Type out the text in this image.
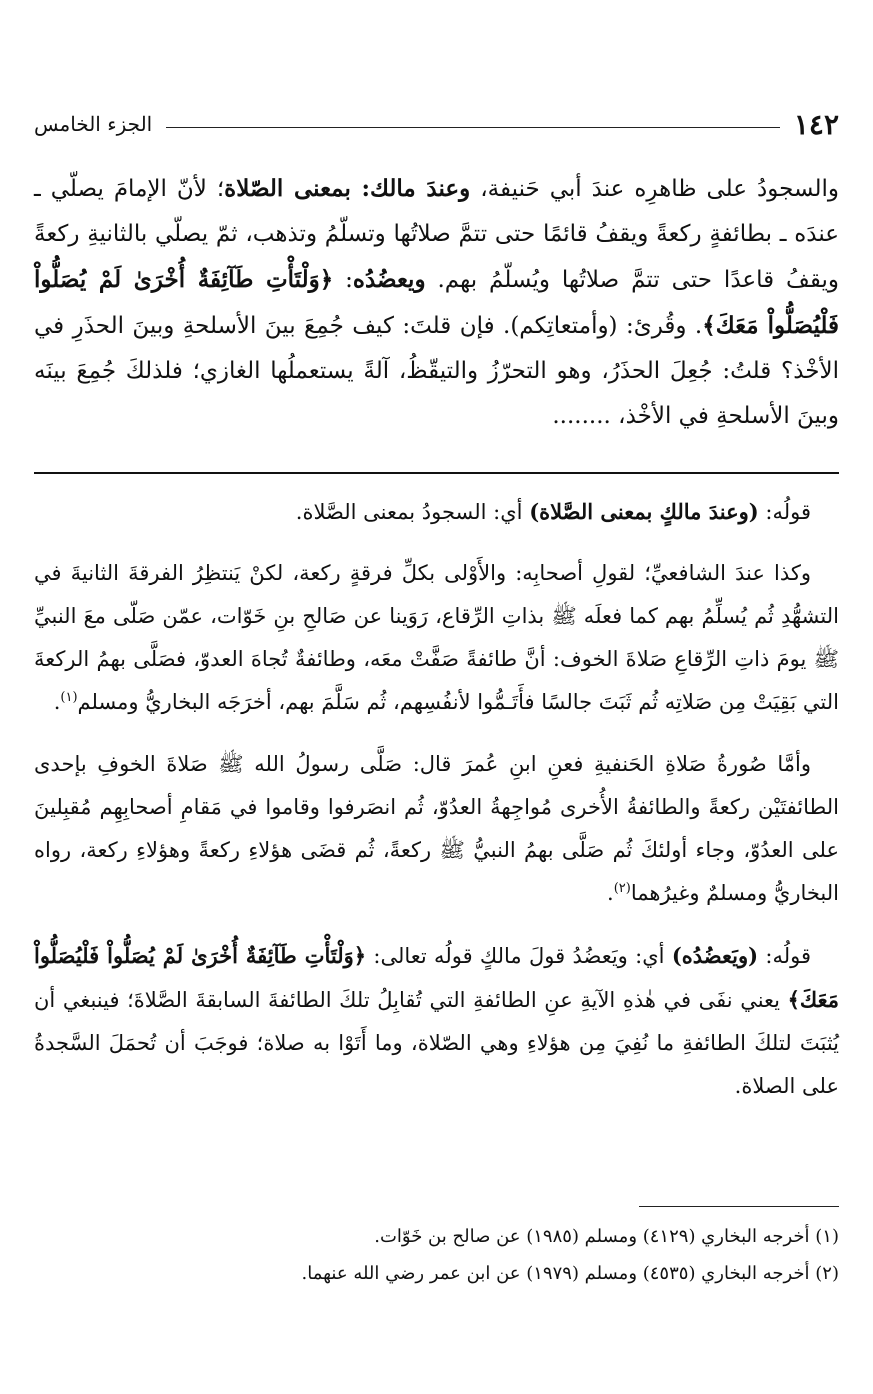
١٤٢
الجزء الخامس

والسجودُ على ظاهرِه عندَ أبي حَنيفة، وعندَ مالك: بمعنى الصّلاة؛ لأنّ الإمامَ يصلّي ـ عندَه ـ بطائفةٍ ركعةً ويقفُ قائمًا حتى تتمَّ صلاتُها وتسلّمُ وتذهب، ثمّ يصلّي بالثانيةِ ركعةً ويقفُ قاعدًا حتى تتمَّ صلاتُها ويُسلّمُ بهم. ويعضُدُه: ﴿وَلْتَأْتِ طَآئِفَةٌ أُخْرَىٰ لَمْ يُصَلُّواْ فَلْيُصَلُّواْ مَعَكَ﴾. وقُرئ: (وأمتعاتِكم). فإن قلتَ: كيف جُمِعَ بينَ الأسلحةِ وبينَ الحذَرِ في الأخْذ؟ قلتُ: جُعِلَ الحذَرُ، وهو التحرّزُ والتيقّظُ، آلةً يستعملُها الغازي؛ فلذلكَ جُمِعَ بينَه وبينَ الأسلحةِ في الأخْذ، ........

قولُه: (وعندَ مالكٍ بمعنى الصَّلاة) أي: السجودُ بمعنى الصَّلاة.

وكذا عندَ الشافعيِّ؛ لقولِ أصحابِه: والأَوْلى بكلِّ فرقةٍ ركعة، لكنْ يَنتظِرُ الفرقةَ الثانيةَ في التشهُّدِ ثُم يُسلِّمُ بهم كما فعلَه ﷺ بذاتِ الرِّقاع، رَوَينا عن صَالحِ بنِ خَوّات، عمّن صَلّى معَ النبيِّ ﷺ يومَ ذاتِ الرِّقاعِ صَلاةَ الخوف: أنَّ طائفةً صَفَّتْ معَه، وطائفةٌ تُجاهَ العدوّ، فصَلَّى بهمُ الركعةَ التي بَقِيَتْ مِن صَلاتِه ثُم ثَبَتَ جالسًا فأَتَـمُّوا لأنفُسِهم، ثُم سَلَّمَ بهم، أخرَجَه البخاريُّ ومسلم$^{(١)}$.

وأمَّا صُورةُ صَلاةِ الحَنفيةِ فعنِ ابنِ عُمرَ قال: صَلَّى رسولُ الله ﷺ صَلاةَ الخوفِ بإحدى الطائفتَيْن ركعةً والطائفةُ الأُخرى مُواجِهةُ العدُوّ، ثُم انصَرفوا وقاموا في مَقامِ أصحابِهِم مُقبِلينَ على العدُوّ، وجاء أولئكَ ثُم صَلَّى بهمُ النبيُّ ﷺ ركعةً، ثُم قضَى هؤلاءِ ركعةً وهؤلاءِ ركعة، رواه البخاريُّ ومسلمٌ وغيرُهما$^{(٢)}$.

قولُه: (ويَعضُدُه) أي: ويَعضُدُ قولَ مالكٍ قولُه تعالى: ﴿وَلْتَأْتِ طَآئِفَةٌ أُخْرَىٰ لَمْ يُصَلُّواْ فَلْيُصَلُّواْ مَعَكَ﴾ يعني نفَى في هٰذهِ الآيةِ عنِ الطائفةِ التي تُقابِلُ تلكَ الطائفةَ السابقةَ الصَّلاةَ؛ فينبغي أن يُثبَتَ لتلكَ الطائفةِ ما نُفِيَ مِن هؤلاءِ وهي الصّلاة، وما أَتَوْا به صلاة؛ فوجَبَ أن تُحمَلَ السَّجدةُ على الصلاة.

(١) أخرجه البخاري (٤١٢٩) ومسلم (١٩٨٥) عن صالح بن خَوّات.

(٢) أخرجه البخاري (٤٥٣٥) ومسلم (١٩٧٩) عن ابن عمر رضي الله عنهما.
